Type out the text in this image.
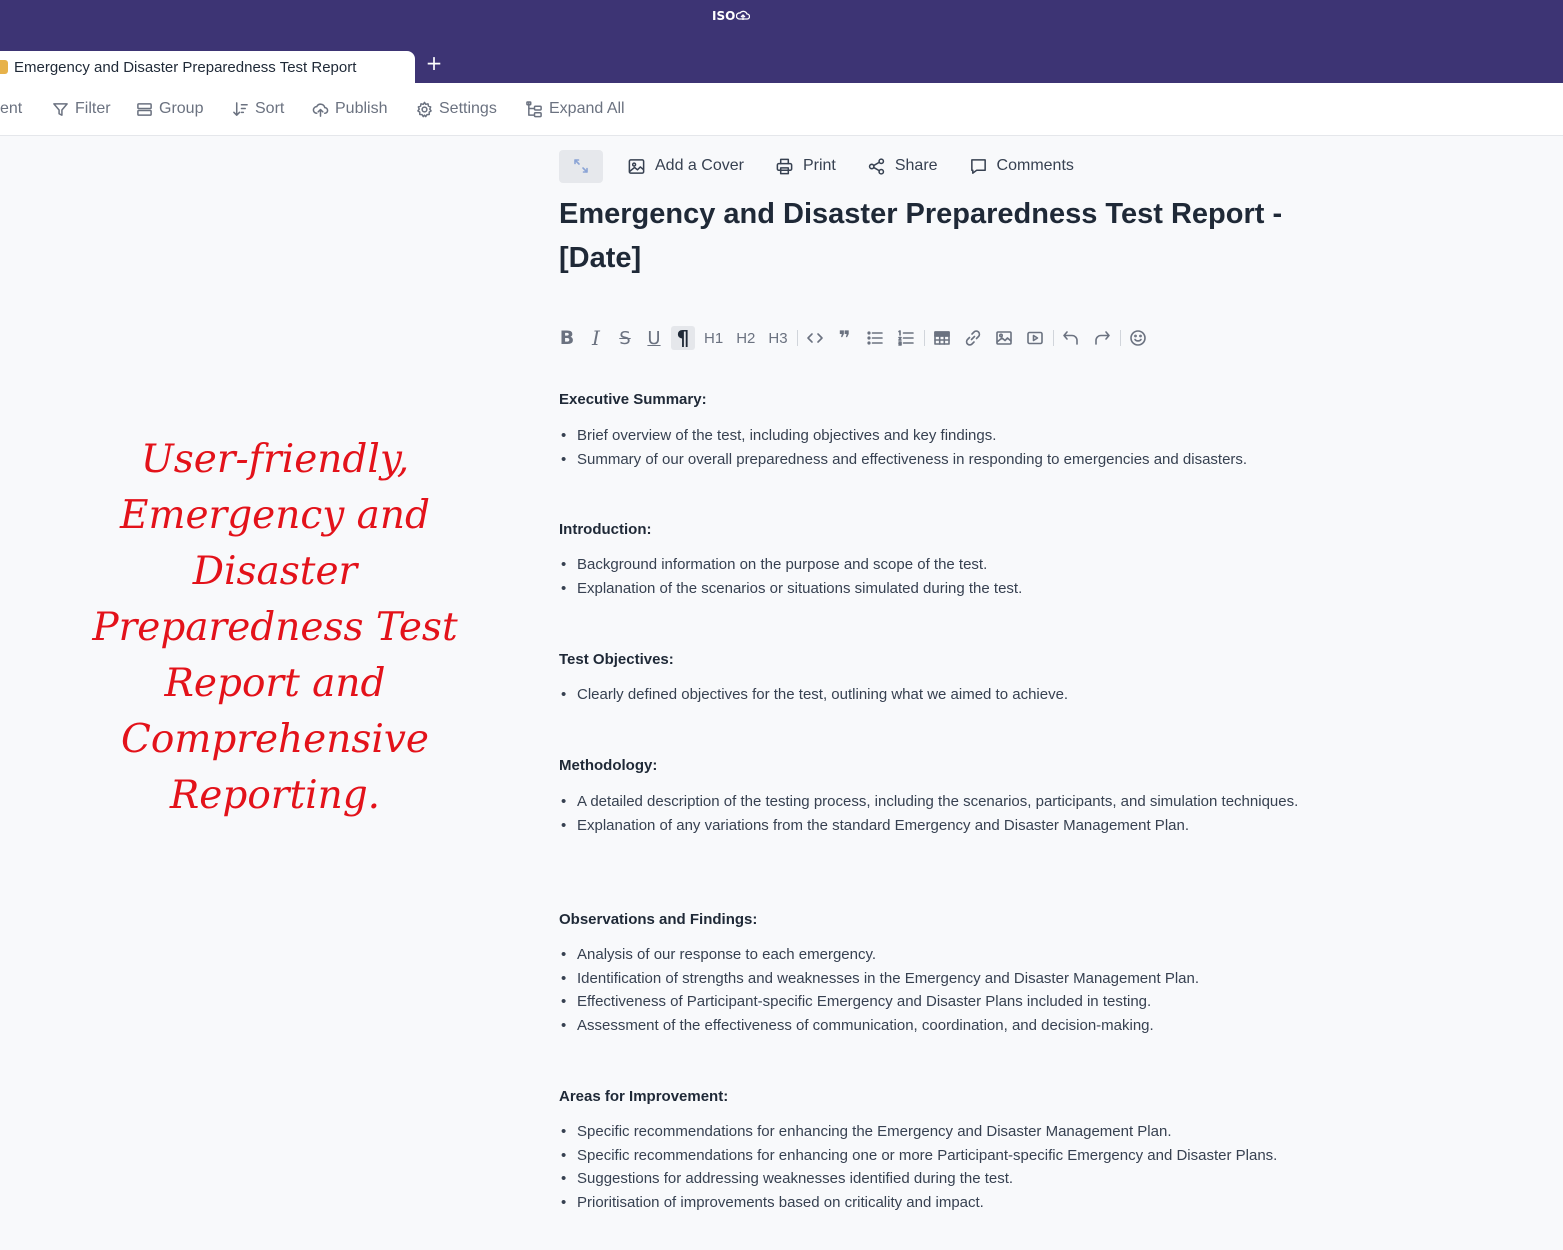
ISO
Emergency and Disaster Preparedness Test Report	+
ent	Filter	Group	Sort	Publish	Settings	Expand All
User-friendly, Emergency and Disaster Preparedness Test Report and Comprehensive Reporting.
Add a Cover	Print	Share	Comments
Emergency and Disaster Preparedness Test Report - [Date]
B I	S U ¶ H1 H2 H3	❞
Executive Summary:
• Brief overview of the test, including objectives and key findings.
• Summary of our overall preparedness and effectiveness in responding to emergencies and disasters.
Introduction:
• Background information on the purpose and scope of the test.
• Explanation of the scenarios or situations simulated during the test.
Test Objectives:
• Clearly defined objectives for the test, outlining what we aimed to achieve.
Methodology:
• A detailed description of the testing process, including the scenarios, participants, and simulation techniques.
• Explanation of any variations from the standard Emergency and Disaster Management Plan.
Observations and Findings:
• Analysis of our response to each emergency.
• Identification of strengths and weaknesses in the Emergency and Disaster Management Plan.
• Effectiveness of Participant-specific Emergency and Disaster Plans included in testing.
• Assessment of the effectiveness of communication, coordination, and decision-making.
Areas for Improvement:
• Specific recommendations for enhancing the Emergency and Disaster Management Plan.
• Specific recommendations for enhancing one or more Participant-specific Emergency and Disaster Plans.
• Suggestions for addressing weaknesses identified during the test.
• Prioritisation of improvements based on criticality and impact.
